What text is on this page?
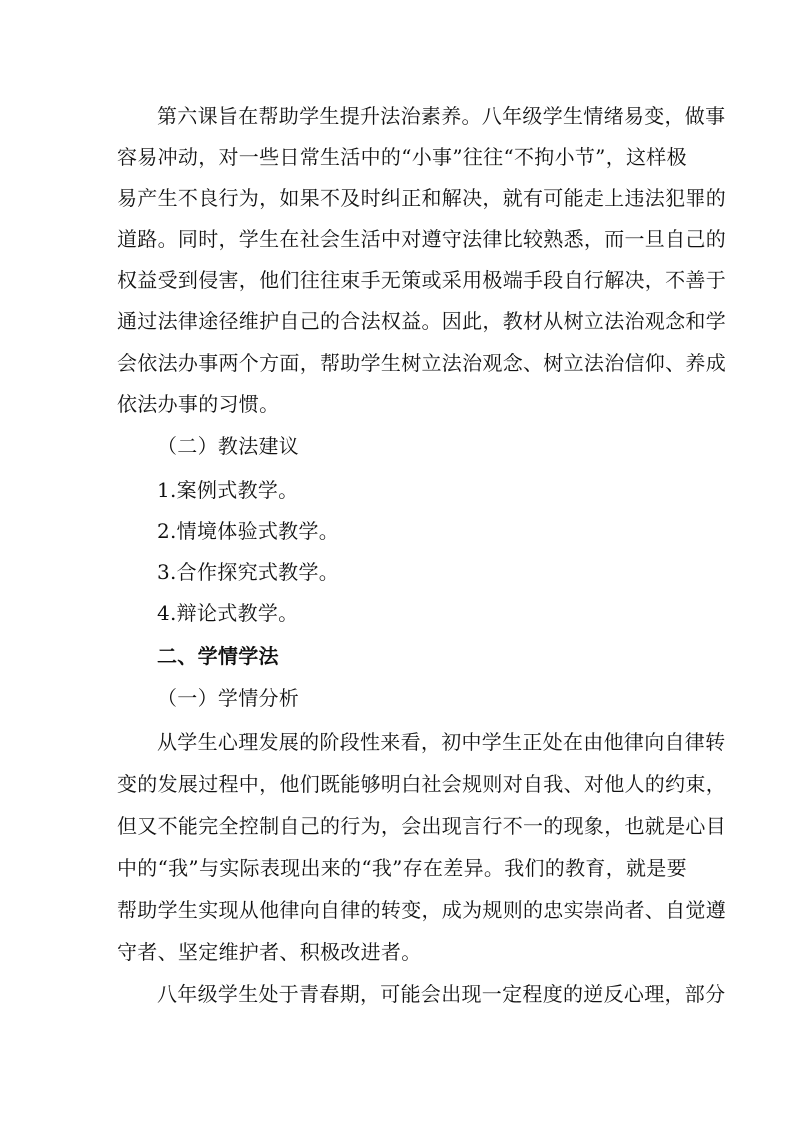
第六课旨在帮助学生提升法治素养。八年级学生情绪易变，做事
容易冲动，对一些日常生活中的“小事”往往“不拘小节”，这样极
易产生不良行为，如果不及时纠正和解决，就有可能走上违法犯罪的
道路。同时，学生在社会生活中对遵守法律比较熟悉，而一旦自己的
权益受到侵害，他们往往束手无策或采用极端手段自行解决，不善于
通过法律途径维护自己的合法权益。因此，教材从树立法治观念和学
会依法办事两个方面，帮助学生树立法治观念、树立法治信仰、养成
依法办事的习惯。
（二）教法建议
1.案例式教学。
2.情境体验式教学。
3.合作探究式教学。
4.辩论式教学。
二、学情学法
（一）学情分析
从学生心理发展的阶段性来看，初中学生正处在由他律向自律转
变的发展过程中，他们既能够明白社会规则对自我、对他人的约束，
但又不能完全控制自己的行为，会出现言行不一的现象，也就是心目
中的“我”与实际表现出来的“我”存在差异。我们的教育，就是要
帮助学生实现从他律向自律的转变，成为规则的忠实崇尚者、自觉遵
守者、坚定维护者、积极改进者。
八年级学生处于青春期，可能会出现一定程度的逆反心理，部分
